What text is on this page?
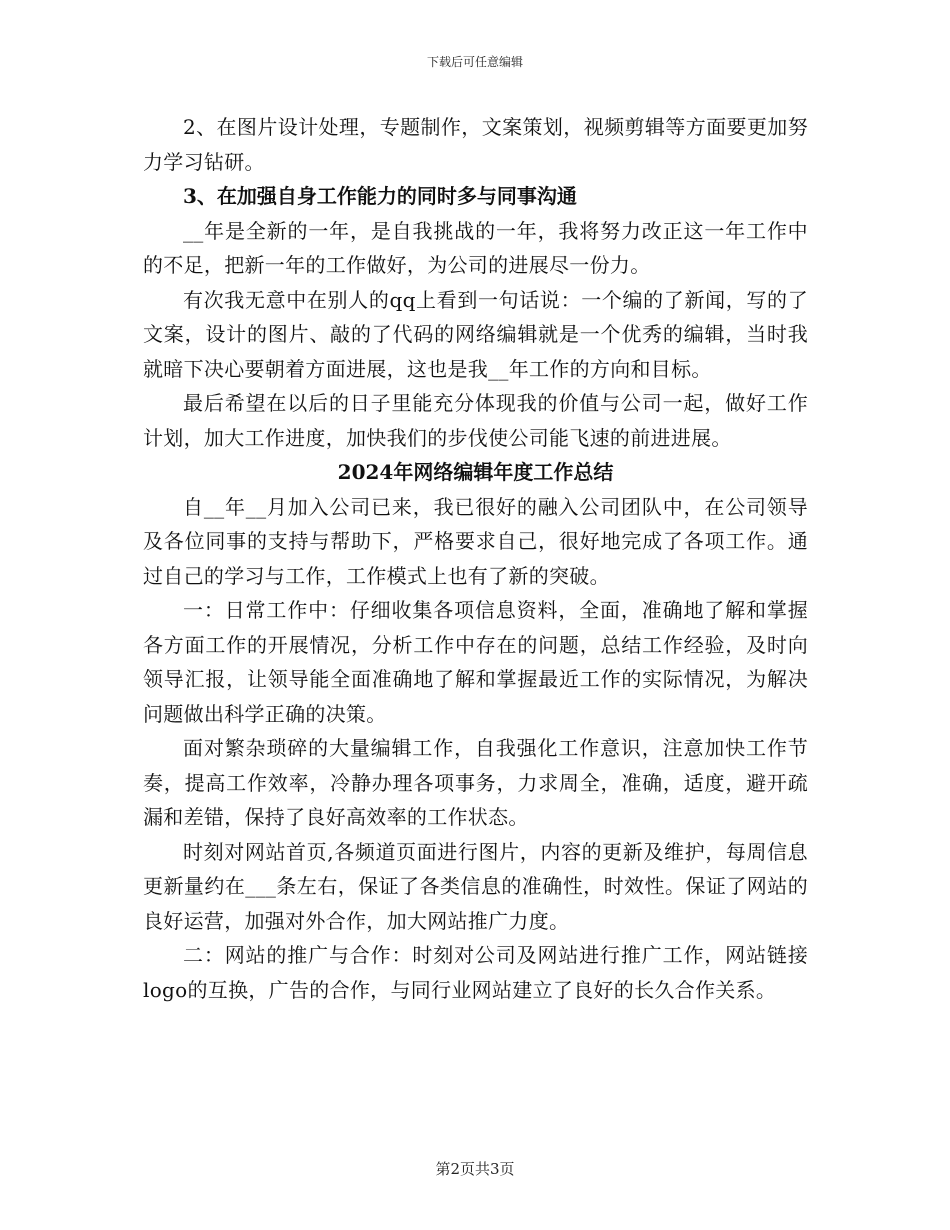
下载后可任意编辑

2、在图片设计处理，专题制作，文案策划，视频剪辑等方面要更加努力学习钻研。

3、在加强自身工作能力的同时多与同事沟通

__年是全新的一年，是自我挑战的一年，我将努力改正这一年工作中的不足，把新一年的工作做好，为公司的进展尽一份力。

有次我无意中在别人的qq上看到一句话说：一个编的了新闻，写的了文案，设计的图片、敲的了代码的网络编辑就是一个优秀的编辑，当时我就暗下决心要朝着方面进展，这也是我__年工作的方向和目标。

最后希望在以后的日子里能充分体现我的价值与公司一起，做好工作计划，加大工作进度，加快我们的步伐使公司能飞速的前进进展。

2024年网络编辑年度工作总结

自__年__月加入公司已来，我已很好的融入公司团队中，在公司领导及各位同事的支持与帮助下，严格要求自己，很好地完成了各项工作。通过自己的学习与工作，工作模式上也有了新的突破。

一：日常工作中：仔细收集各项信息资料，全面，准确地了解和掌握各方面工作的开展情况，分析工作中存在的问题，总结工作经验，及时向领导汇报，让领导能全面准确地了解和掌握最近工作的实际情况，为解决问题做出科学正确的决策。

面对繁杂琐碎的大量编辑工作，自我强化工作意识，注意加快工作节奏，提高工作效率，冷静办理各项事务，力求周全，准确，适度，避开疏漏和差错，保持了良好高效率的工作状态。

时刻对网站首页,各频道页面进行图片，内容的更新及维护，每周信息更新量约在___条左右，保证了各类信息的准确性，时效性。保证了网站的良好运营，加强对外合作，加大网站推广力度。

二：网站的推广与合作：时刻对公司及网站进行推广工作，网站链接logo的互换，广告的合作，与同行业网站建立了良好的长久合作关系。

第2页共3页
